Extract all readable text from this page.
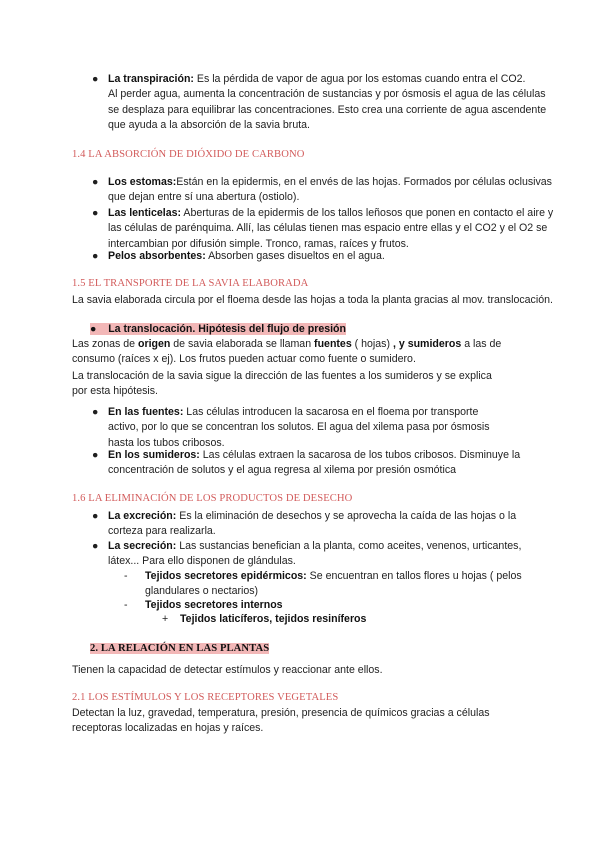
● La transpiración: Es la pérdida de vapor de agua por los estomas cuando entra el CO2.
Al perder agua, aumenta la concentración de sustancias y por ósmosis el agua de las células
se desplaza para equilibrar las concentraciones. Esto crea una corriente de agua ascendente
que ayuda a la absorción de la savia bruta.
1.4 LA ABSORCIÓN DE DIÓXIDO DE CARBONO
● Los estomas:Están en la epidermis, en el envés de las hojas. Formados por células oclusivas
que dejan entre sí una abertura (ostiolo).
● Las lenticelas: Aberturas de la epidermis de los tallos leñosos que ponen en contacto el aire y
las células de parénquima. Allí, las células tienen mas espacio entre ellas y el CO2 y el O2 se
intercambian por difusión simple. Tronco, ramas, raíces y frutos.
● Pelos absorbentes: Absorben gases disueltos en el agua.
1.5 EL TRANSPORTE DE LA SAVIA ELABORADA
La savia elaborada circula por el floema desde las hojas a toda la planta gracias al mov. translocación.
● La translocación. Hipótesis del flujo de presión
Las zonas de origen de savia elaborada se llaman fuentes ( hojas) , y sumideros a las de
consumo (raíces x ej). Los frutos pueden actuar como fuente o sumidero.
La translocación de la savia sigue la dirección de las fuentes a los sumideros y se explica
por esta hipótesis.
● En las fuentes: Las células introducen la sacarosa en el floema por transporte
activo, por lo que se concentran los solutos. El agua del xilema pasa por ósmosis
hasta los tubos cribosos.
● En los sumideros: Las células extraen la sacarosa de los tubos cribosos. Disminuye la
concentración de solutos y el agua regresa al xilema por presión osmótica
1.6 LA ELIMINACIÓN DE LOS PRODUCTOS DE DESECHO
● La excreción: Es la eliminación de desechos y se aprovecha la caída de las hojas o la
corteza para realizarla.
● La secreción: Las sustancias benefician a la planta, como aceites, venenos, urticantes,
látex... Para ello disponen de glándulas.
- Tejidos secretores epidérmicos: Se encuentran en tallos flores u hojas ( pelos
glandulares o nectarios)
- Tejidos secretores internos
+ Tejidos laticíferos, tejidos resiníferos
2. LA RELACIÓN EN LAS PLANTAS
Tienen la capacidad de detectar estímulos y reaccionar ante ellos.
2.1 LOS ESTÍMULOS Y LOS RECEPTORES VEGETALES
Detectan la luz, gravedad, temperatura, presión, presencia de químicos gracias a células
receptoras localizadas en hojas y raíces.
